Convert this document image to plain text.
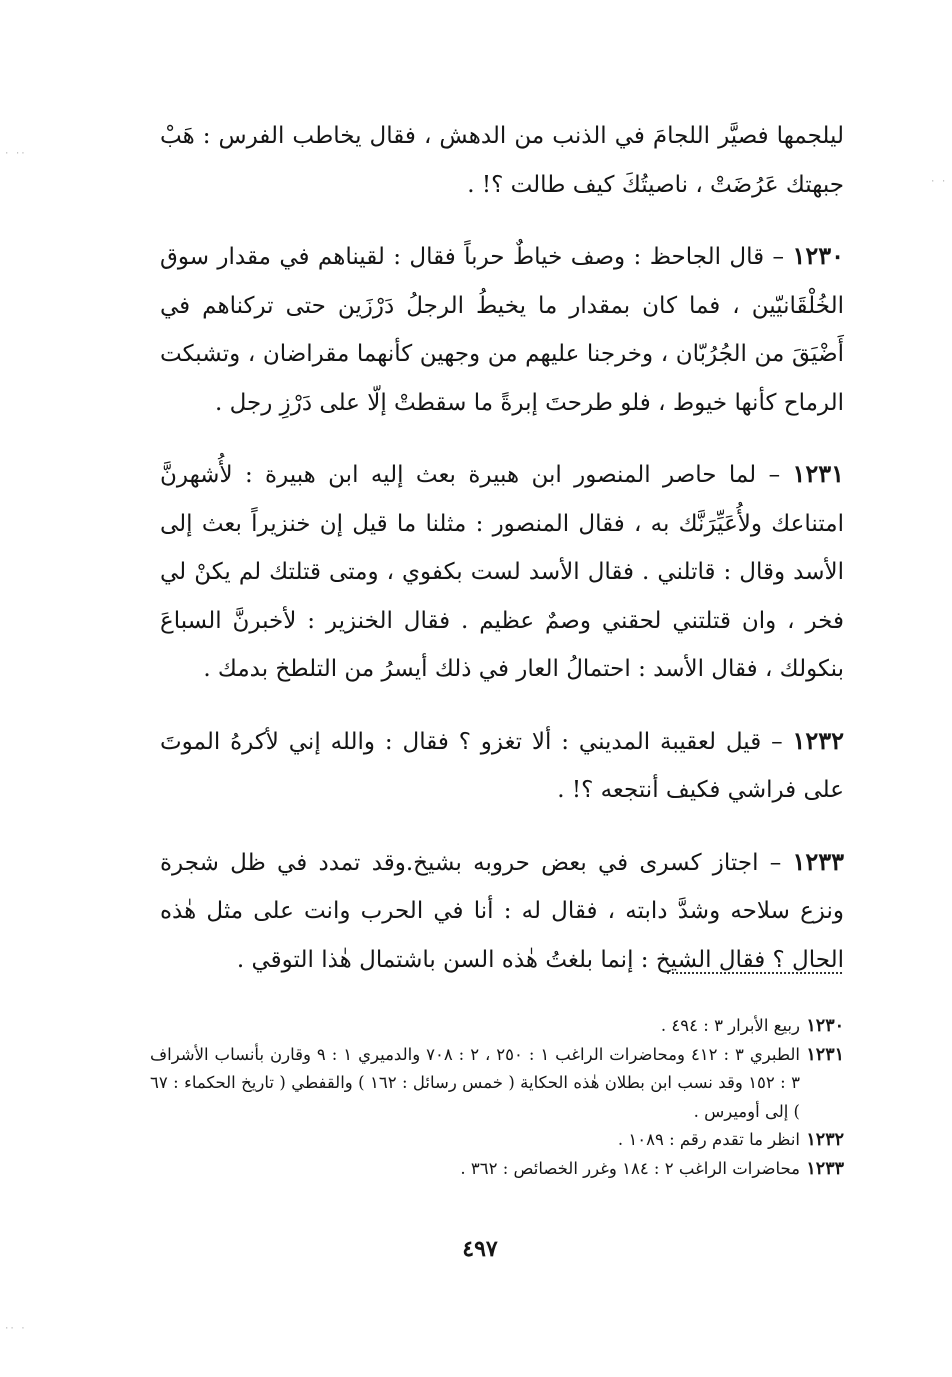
·· ·
· ·
· ··

ليلجمها فصيَّر اللجامَ في الذنب من الدهش ، فقال يخاطب الفرس : هَبْ جبهتك عَرُضَتْ ، ناصيتُكَ كيف طالت ؟! .

١٢٣٠ – قال الجاحظ : وصف خياطٌ حرباً فقال : لقيناهم في مقدار سوق الخُلْقَانيّين ، فما كان بمقدار ما يخيطُ الرجلُ دَرْزَين حتى تركناهم في أَضْيَقَ من الجُرُبّان ، وخرجنا عليهم من وجهين كأنهما مقراضان ، وتشبكت الرماح كأنها خيوط ، فلو طرحتَ إبرةً ما سقطتْ إلّا على دَرْزِ رجل .

١٢٣١ – لما حاصر المنصور ابن هبيرة بعث إليه ابن هبيرة : لأُشهرنَّ امتناعك ولأُعَيِّرَنَّك به ، فقال المنصور : مثلنا ما قيل إن خنزيراً بعث إلى الأسد وقال : قاتلني . فقال الأسد لست بكفوي ، ومتى قتلتك لم يكنْ لي فخر ، وان قتلتني لحقني وصمٌ عظيم . فقال الخنزير : لأخبرنَّ السباعَ بنكولك ، فقال الأسد : احتمالُ العار في ذلك أيسرُ من التلطخ بدمك .

١٢٣٢ – قيل لعقيبة المديني : ألا تغزو ؟ فقال : والله إني لأكرهُ الموتَ على فراشي فكيف أنتجعه ؟! .

١٢٣٣ – اجتاز كسرى في بعض حروبه بشيخ.وقد تمدد في ظل شجرة ونزع سلاحه وشدَّ دابته ، فقال له : أنا في الحرب وانت على مثل هٰذه الحال ؟ فقال الشيخ : إنما بلغتُ هٰذه السن باشتمال هٰذا التوقي .

١٢٣٠
ربيع الأبرار ٣ : ٤٩٤ .
١٢٣١
الطبري ٣ : ٤١٢ ومحاضرات الراغب ١ : ٢٥٠ ، ٢ : ٧٠٨ والدميري ١ : ٩ وقارن بأنساب الأشراف ٣ : ١٥٢ وقد نسب ابن بطلان هٰذه الحكاية ( خمس رسائل : ١٦٢ ) والقفطي ( تاريخ الحكماء : ٦٧ ) إلى أوميرس .
١٢٣٢
انظر ما تقدم رقم : ١٠٨٩ .
١٢٣٣
محاضرات الراغب ٢ : ١٨٤ وغرر الخصائص : ٣٦٢ .
٤٩٧
